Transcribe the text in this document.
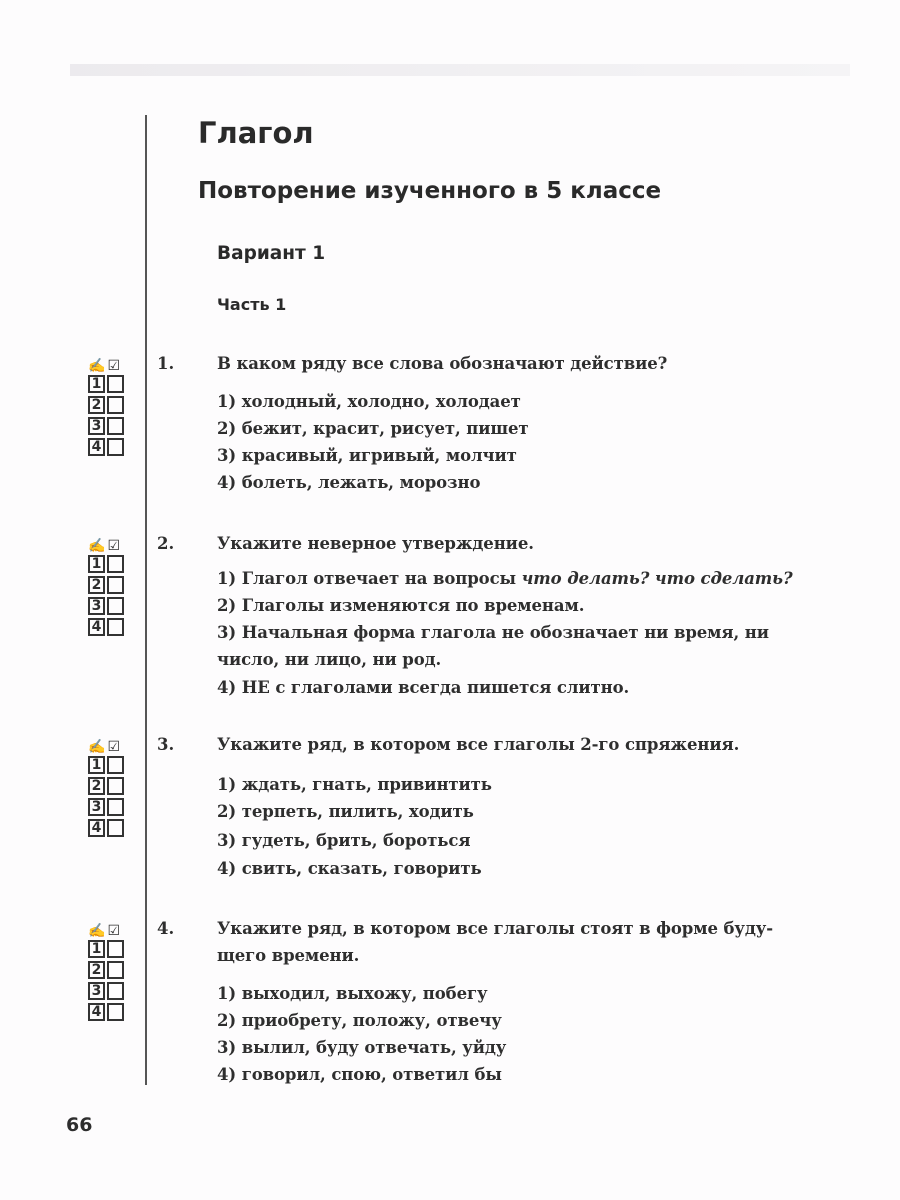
Глагол
Повторение изученного в 5 классе
Вариант 1
Часть 1
66
1.	В каком ряду все слова обозначают действие?
1) холодный, холодно, холодает
2) бежит, красит, рисует, пишет
3) красивый, игривый, молчит
4) болеть, лежать, морозно
✍☑
1
2
3
4
2.	Укажите неверное утверждение.
1) Глагол отвечает на вопросы что делать? что сделать?
2) Глаголы изменяются по временам.
3) Начальная форма глагола не обозначает ни время, ни
число, ни лицо, ни род.
4) НЕ с глаголами всегда пишется слитно.
✍☑
1
2
3
4
3.	Укажите ряд, в котором все глаголы 2-го спряжения.
1) ждать, гнать, привинтить
2) терпеть, пилить, ходить
3) гудеть, брить, бороться
4) свить, сказать, говорить
✍☑
1
2
3
4
4.	Укажите ряд, в котором все глаголы стоят в форме буду-
щего времени.
1) выходил, выхожу, побегу
2) приобрету, положу, отвечу
3) вылил, буду отвечать, уйду
4) говорил, спою, ответил бы
✍☑
1
2
3
4
